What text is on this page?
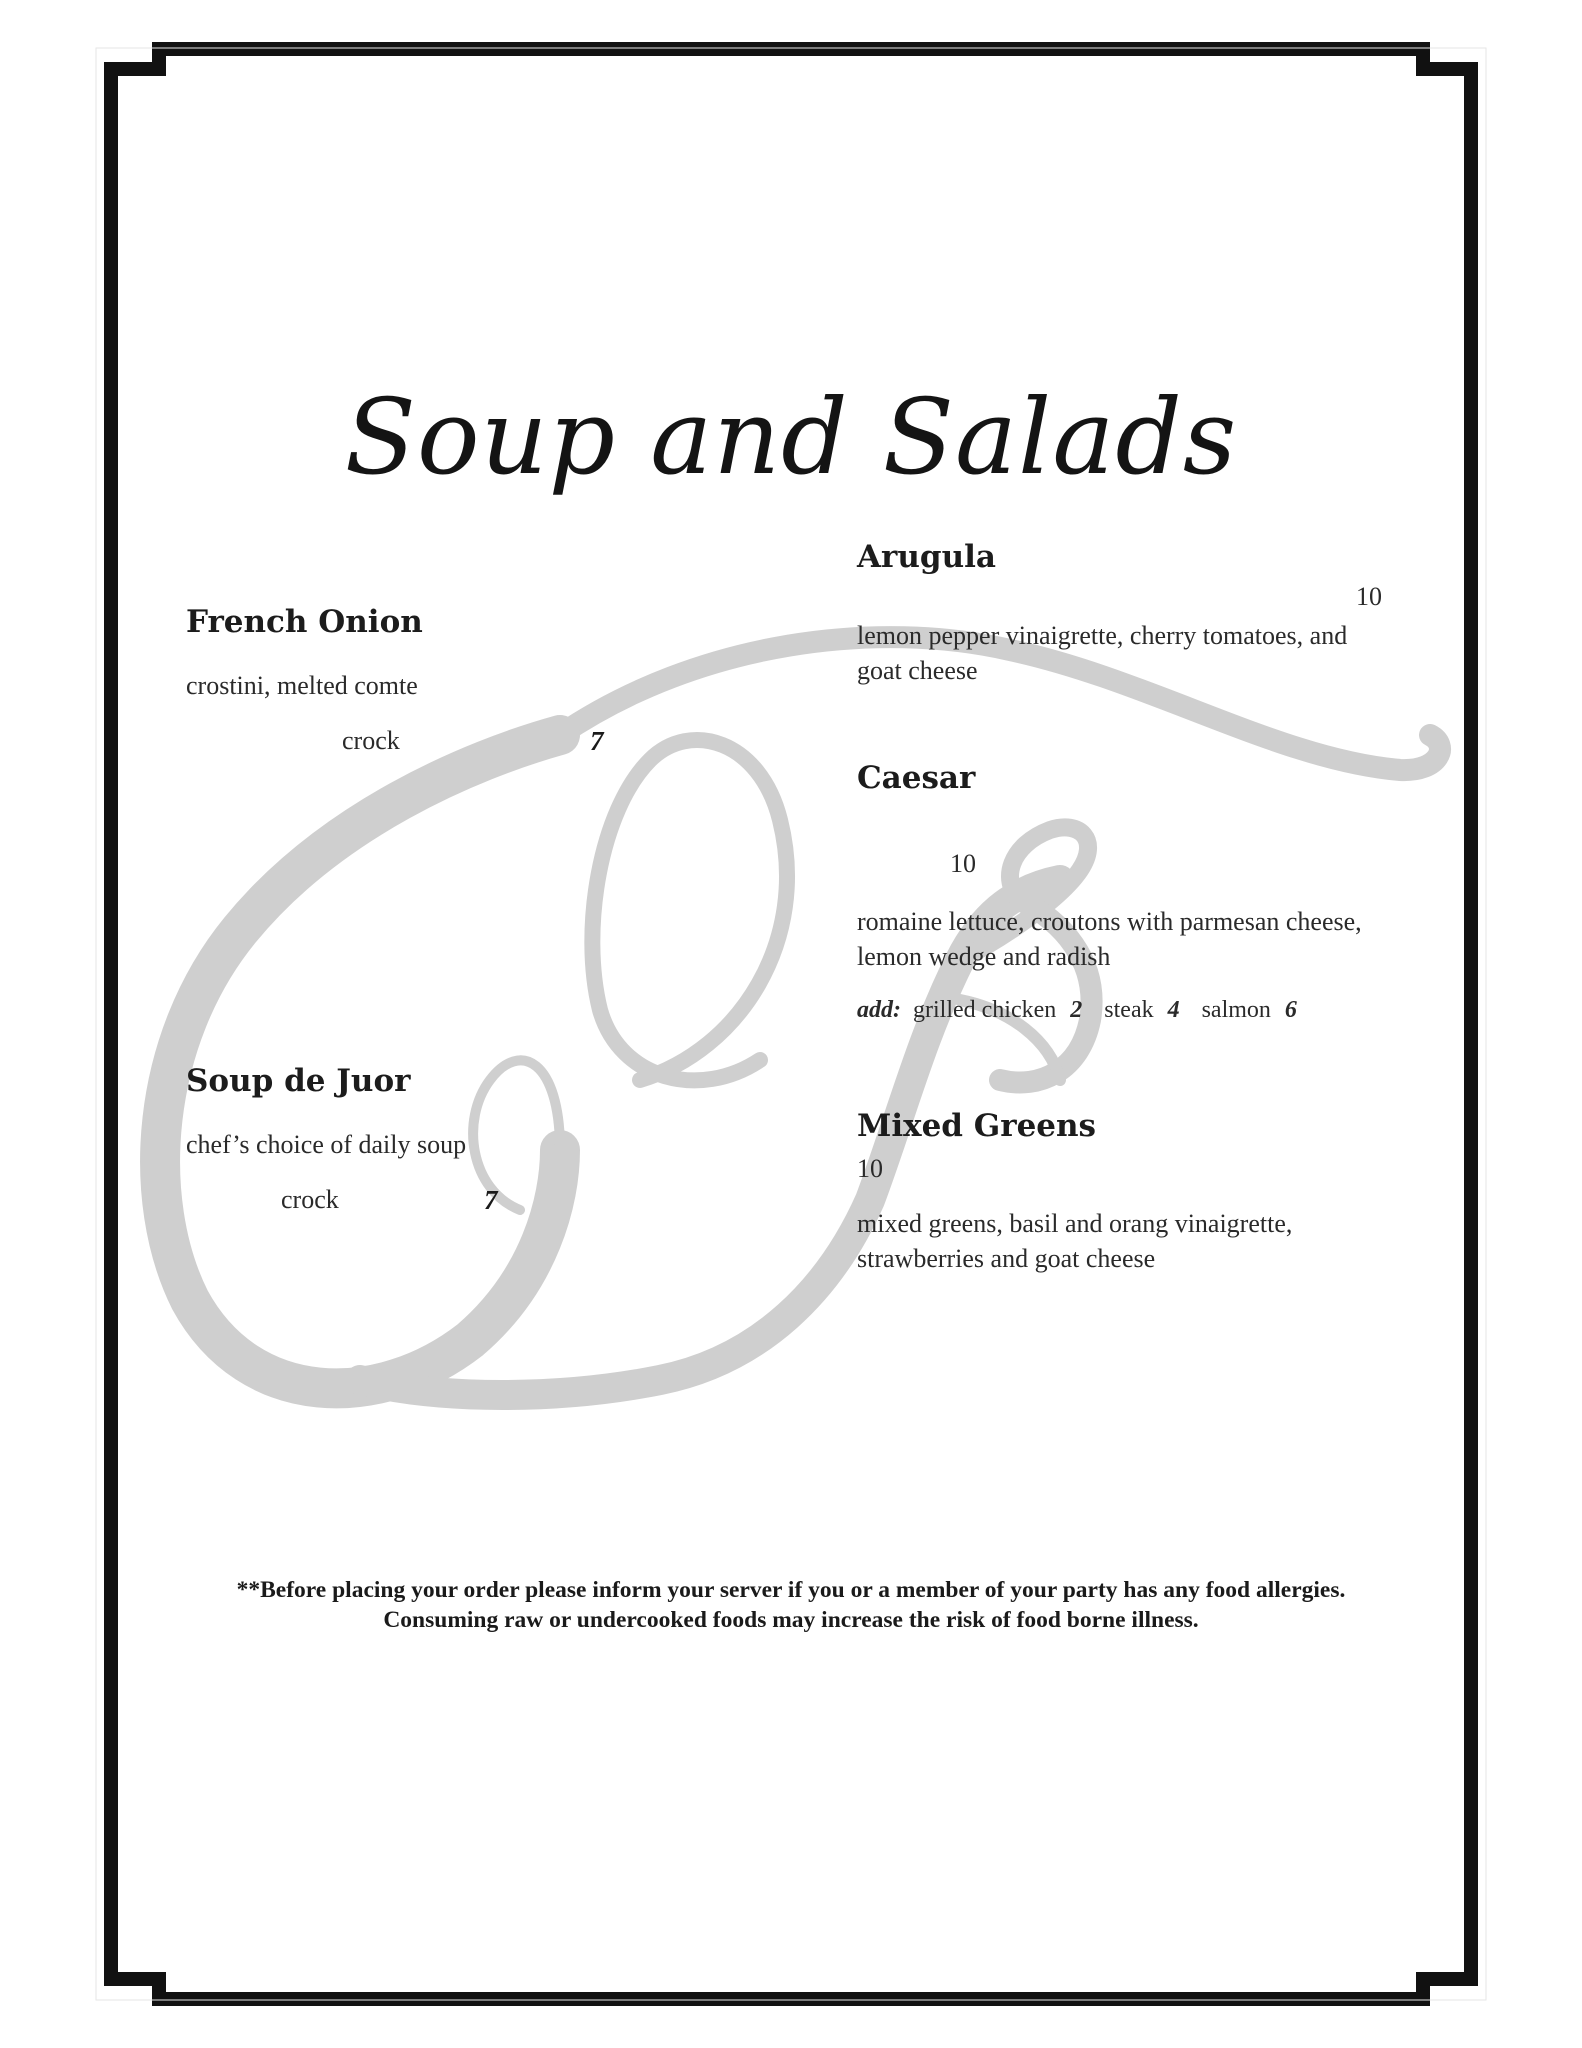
Soup and Salads
French Onion
crostini, melted comte
crock	7
Soup de Juor
chef’s choice of daily soup
crock	7
Arugula
10
lemon pepper vinaigrette, cherry tomatoes, and
goat cheese
Caesar
10
romaine lettuce, croutons with parmesan cheese,
lemon wedge and radish
add: grilled chicken 2 steak 4 salmon 6
Mixed Greens
10
mixed greens, basil and orang vinaigrette,
strawberries and goat cheese
**Before placing your order please inform your server if you or a member of your party has any food allergies.
Consuming raw or undercooked foods may increase the risk of food borne illness.
